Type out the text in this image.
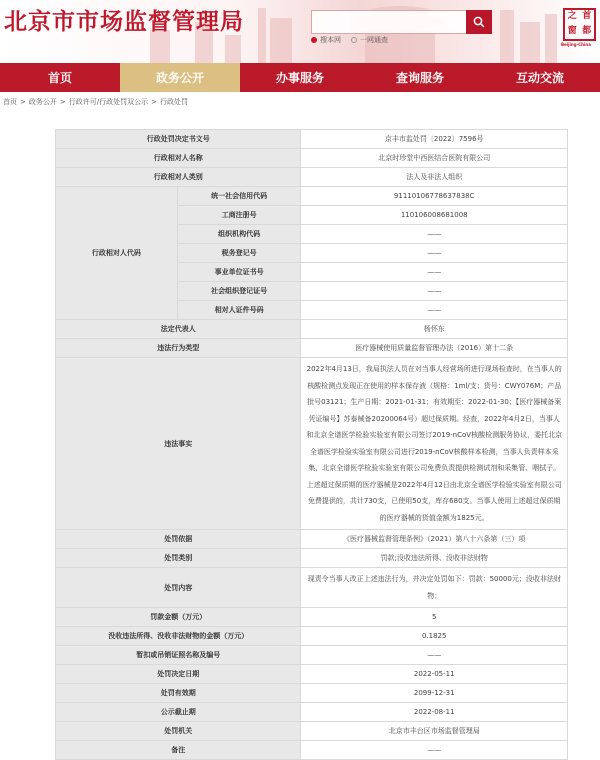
北京市市场监督管理局
搜本网	一网通查
之 首
窗 都
Beijing-China
首页	政务公开	办事服务	查询服务	互动交流
首页 > 政务公开 > 行政许可/行政处罚双公示 > 行政处罚
行政处罚决定书文号		京丰市监处罚〔2022〕7596号
行政相对人名称		北京时珍堂中西医结合医院有限公司
行政相对人类别		法人及非法人组织
行政相对人代码	统一社会信用代码	91110106778637838C
	工商注册号	110106008681008
	组织机构代码	——
	税务登记号	——
	事业单位证书号	——
	社会组织登记证号	——
	相对人证件号码	——
法定代表人		杨怀东
违法行为类型		医疗器械使用质量监督管理办法（2016）第十二条
违法事实		2022年4月13日，我局执法人员在对当事人经营场所进行现场检查时，在当事人的核酸检测点发现正在使用的样本保存液（规格：1ml/支；货号：CWY076M；产品批号03121；生产日期：2021-01-31；有效期至：2022-01-30；【医疗器械备案凭证编号】苏泰械备20200064号）超过保质期。经查，2022年4月2日，当事人和北京全谱医学检验实验室有限公司签订2019-nCoV核酸检测服务协议，委托北京全谱医学检验实验室有限公司进行2019-nCoV核酸样本检测，当事人负责样本采集，北京全谱医学检验实验室有限公司免费负责提供检测试剂和采集管、咽拭子。上述超过保质期的医疗器械是2022年4月12日由北京全谱医学检验实验室有限公司免费提供的，共计730支，已使用50支，库存680支。当事人使用上述超过保质期的医疗器械的货值金额为1825元。
处罚依据		《医疗器械监督管理条例》（2021）第八十六条第（三）项
处罚类别		罚款;没收违法所得、没收非法财物
处罚内容		现责令当事人改正上述违法行为，并决定处罚如下：罚款：50000元；没收非法财物；
罚款金额（万元）		5
没收违法所得、没收非法财物的金额（万元）		0.1825
暂扣或吊销证照名称及编号		——
处罚决定日期		2022-05-11
处罚有效期		2099-12-31
公示截止期		2022-08-11
处罚机关		北京市丰台区市场监督管理局
备注		——
